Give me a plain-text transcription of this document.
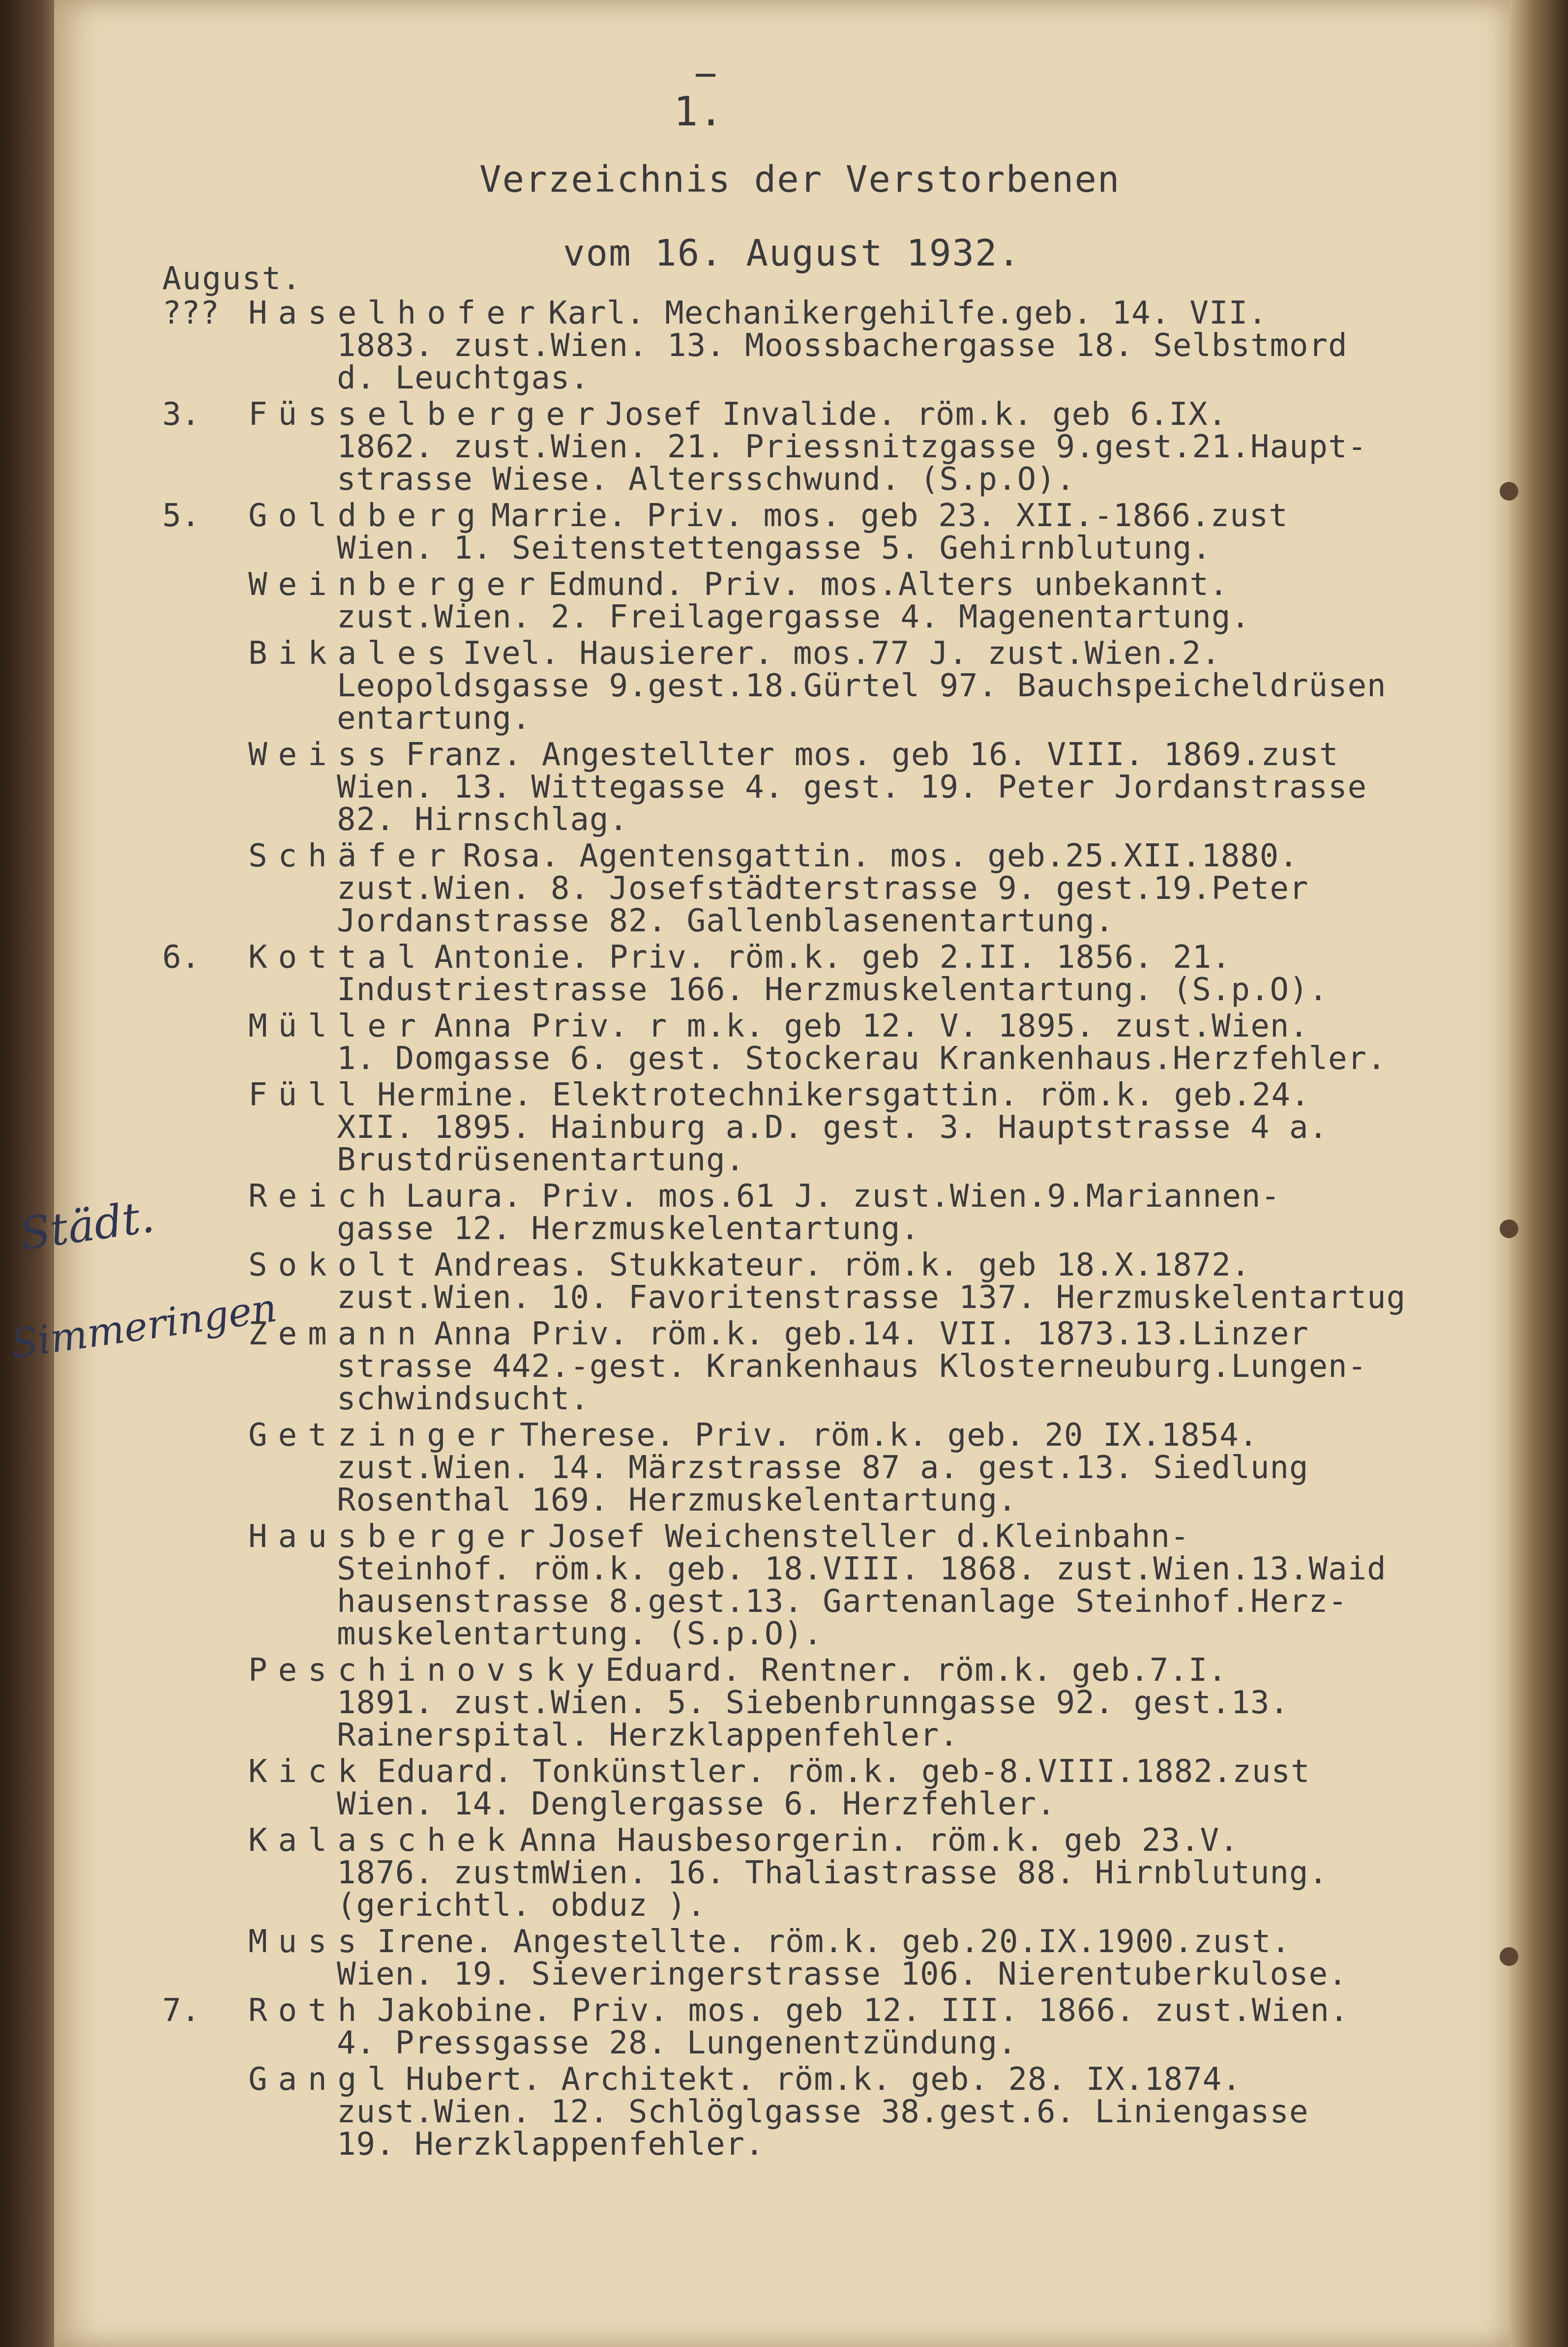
1.
Verzeichnis der Verstorbenen
vom 16. August 1932.
August.
Städt.
Simmeringen
??? Haselhofer Karl. Mechanikergehilfe.geb. 14. VII.
1883. zust.Wien. 13. Moossbachergasse 18. Selbstmord
d. Leuchtgas.
3.	Füsselberger Josef Invalide. röm.k. geb 6.IX.
1862. zust.Wien. 21. Priessnitzgasse 9.gest.21.Haupt-
strasse Wiese. Altersschwund. (S.p.O).
5.	Goldberg Marrie. Priv. mos. geb 23. XII.-1866.zust
Wien. 1. Seitenstettengasse 5. Gehirnblutung.
Weinberger Edmund. Priv. mos.Alters unbekannt.
zust.Wien. 2. Freilagergasse 4. Magenentartung.
Bikales Ivel. Hausierer. mos.77 J. zust.Wien.2.
Leopoldsgasse 9.gest.18.Gürtel 97. Bauchspeicheldrüsen
entartung.
Weiss Franz. Angestellter mos. geb 16. VIII. 1869.zust
Wien. 13. Wittegasse 4. gest. 19. Peter Jordanstrasse
82. Hirnschlag.
Schäfer Rosa. Agentensgattin. mos. geb.25.XII.1880.
zust.Wien. 8. Josefstädterstrasse 9. gest.19.Peter
Jordanstrasse 82. Gallenblasenentartung.
6.	Kottal Antonie. Priv. röm.k. geb 2.II. 1856. 21.
Industriestrasse 166. Herzmuskelentartung. (S.p.O).
Müller Anna Priv. r m.k. geb 12. V. 1895. zust.Wien.
1. Domgasse 6. gest. Stockerau Krankenhaus.Herzfehler.
Füll Hermine. Elektrotechnikersgattin. röm.k. geb.24.
XII. 1895. Hainburg a.D. gest. 3. Hauptstrasse 4 a.
Brustdrüsenentartung.
Reich Laura. Priv. mos.61 J. zust.Wien.9.Mariannen-
gasse 12. Herzmuskelentartung.
Sokolt Andreas. Stukkateur. röm.k. geb 18.X.1872.
zust.Wien. 10. Favoritenstrasse 137. Herzmuskelentartug
Zemann Anna Priv. röm.k. geb.14. VII. 1873.13.Linzer
strasse 442.-gest. Krankenhaus Klosterneuburg.Lungen-
schwindsucht.
Getzinger Therese. Priv. röm.k. geb. 20 IX.1854.
zust.Wien. 14. Märzstrasse 87 a. gest.13. Siedlung
Rosenthal 169. Herzmuskelentartung.
Hausberger Josef Weichensteller d.Kleinbahn-
Steinhof. röm.k. geb. 18.VIII. 1868. zust.Wien.13.Waid
hausenstrasse 8.gest.13. Gartenanlage Steinhof.Herz-
muskelentartung. (S.p.O).
Peschinovsky Eduard. Rentner. röm.k. geb.7.I.
1891. zust.Wien. 5. Siebenbrunngasse 92. gest.13.
Rainerspital. Herzklappenfehler.
Kick Eduard. Tonkünstler. röm.k. geb-8.VIII.1882.zust
Wien. 14. Denglergasse 6. Herzfehler.
Kalaschek Anna Hausbesorgerin. röm.k. geb 23.V.
1876. zustmWien. 16. Thaliastrasse 88. Hirnblutung.
(gerichtl. obduz ).
Muss Irene. Angestellte. röm.k. geb.20.IX.1900.zust.
Wien. 19. Sieveringerstrasse 106. Nierentuberkulose.
7.	Roth Jakobine. Priv. mos. geb 12. III. 1866. zust.Wien.
4. Pressgasse 28. Lungenentzündung.
Gangl Hubert. Architekt. röm.k. geb. 28. IX.1874.
zust.Wien. 12. Schlöglgasse 38.gest.6. Liniengasse
19. Herzklappenfehler.
